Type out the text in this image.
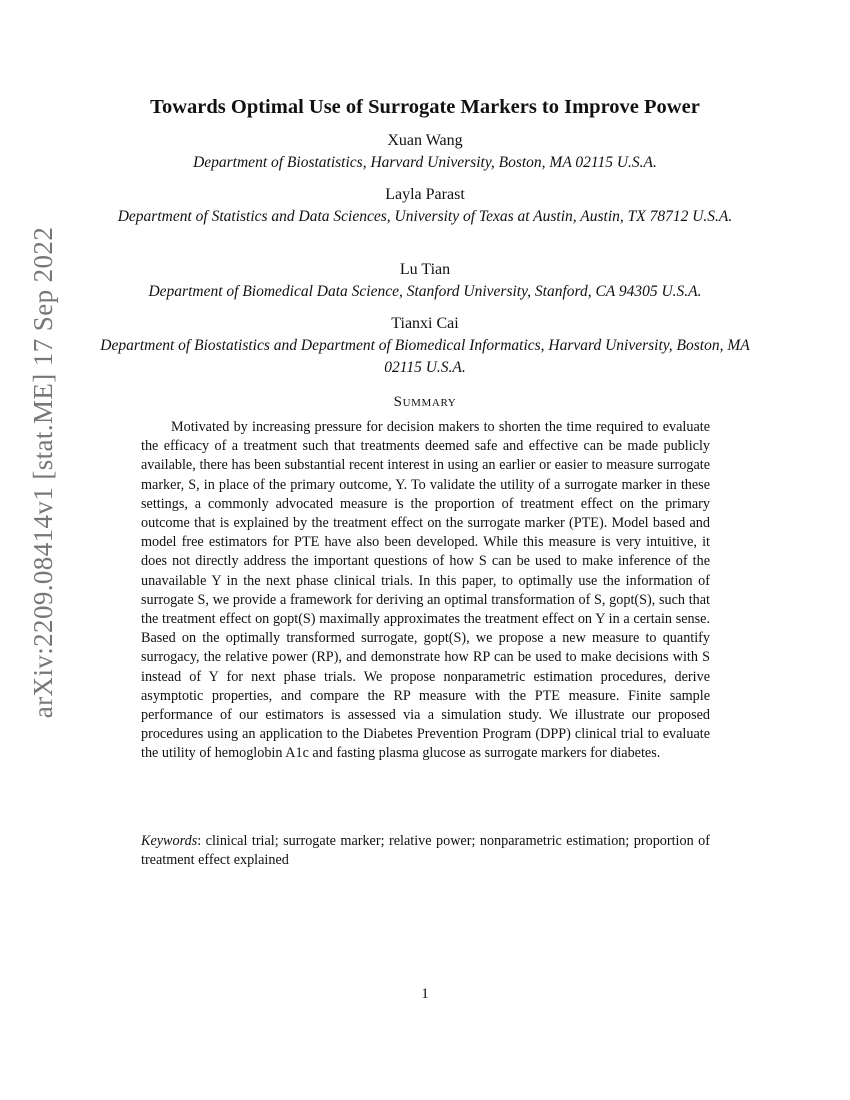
arXiv:2209.08414v1 [stat.ME] 17 Sep 2022
Towards Optimal Use of Surrogate Markers to Improve Power
Xuan Wang
Department of Biostatistics, Harvard University, Boston, MA 02115 U.S.A.
Layla Parast
Department of Statistics and Data Sciences, University of Texas at Austin, Austin, TX 78712 U.S.A.
Lu Tian
Department of Biomedical Data Science, Stanford University, Stanford, CA 94305 U.S.A.
Tianxi Cai
Department of Biostatistics and Department of Biomedical Informatics, Harvard University, Boston, MA 02115 U.S.A.
Summary

Motivated by increasing pressure for decision makers to shorten the time required to evaluate the efficacy of a treatment such that treatments deemed safe and effective can be made publicly available, there has been substantial recent interest in using an earlier or easier to measure surrogate marker, S, in place of the primary outcome, Y. To validate the utility of a surrogate marker in these settings, a commonly advocated measure is the proportion of treatment effect on the primary outcome that is explained by the treatment effect on the surrogate marker (PTE). Model based and model free estimators for PTE have also been developed. While this measure is very intuitive, it does not directly address the important questions of how S can be used to make inference of the unavailable Y in the next phase clinical trials. In this paper, to optimally use the information of surrogate S, we provide a framework for deriving an optimal transformation of S, gopt(S), such that the treatment effect on gopt(S) maximally approximates the treatment effect on Y in a certain sense. Based on the optimally transformed surrogate, gopt(S), we propose a new measure to quantify surrogacy, the relative power (RP), and demonstrate how RP can be used to make decisions with S instead of Y for next phase trials. We propose nonparametric estimation procedures, derive asymptotic properties, and compare the RP measure with the PTE measure. Finite sample performance of our estimators is assessed via a simulation study. We illustrate our proposed procedures using an application to the Diabetes Prevention Program (DPP) clinical trial to evaluate the utility of hemoglobin A1c and fasting plasma glucose as surrogate markers for diabetes.

Keywords: clinical trial; surrogate marker; relative power; nonparametric estimation; proportion of treatment effect explained

1
